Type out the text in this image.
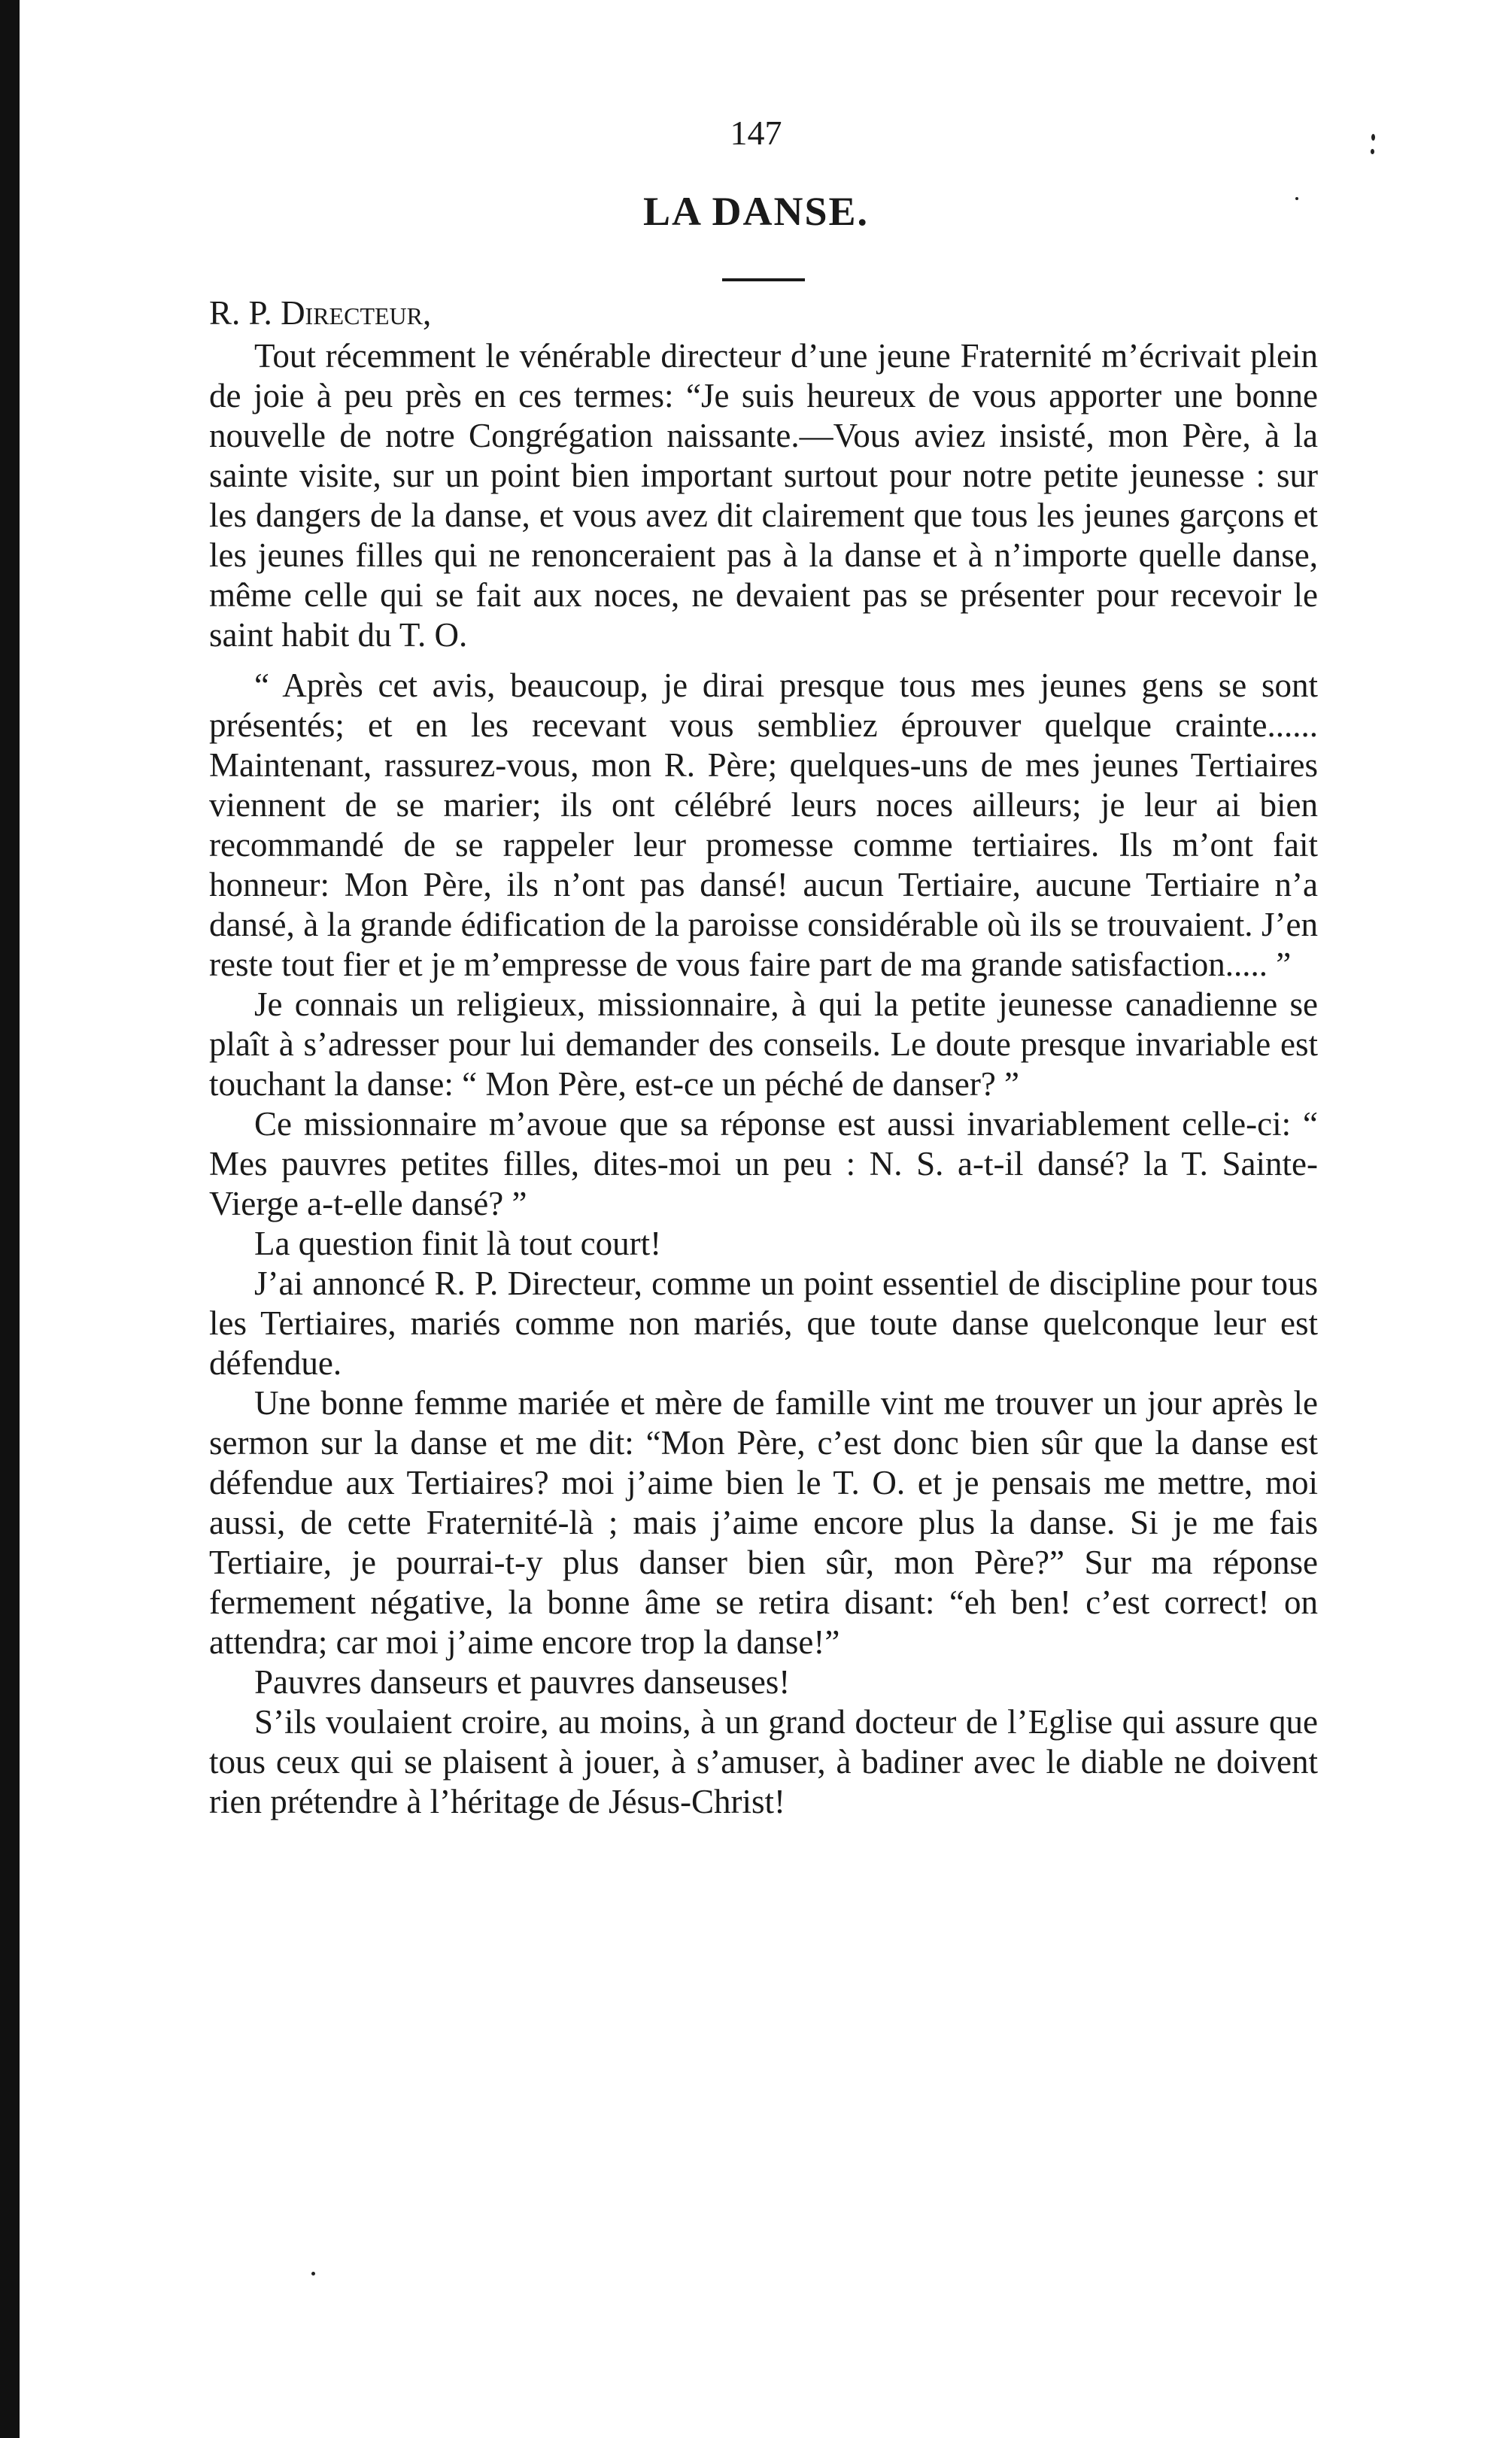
147
LA DANSE.
R. P. Directeur,

Tout récemment le vénérable directeur d’une jeune Fraternité m’écrivait plein de joie à peu près en ces termes: “Je suis heureux de vous apporter une bonne nouvelle de notre Congrégation naissante.—Vous aviez insisté, mon Père, à la sainte visite, sur un point bien important surtout pour notre petite jeunesse : sur les dangers de la danse, et vous avez dit clairement que tous les jeunes garçons et les jeunes filles qui ne renonceraient pas à la danse et à n’importe quelle danse, même celle qui se fait aux noces, ne devaient pas se présenter pour recevoir le saint habit du T. O.

“ Après cet avis, beaucoup, je dirai presque tous mes jeunes gens se sont présentés; et en les recevant vous sembliez éprouver quelque crainte...... Maintenant, rassurez-vous, mon R. Père; quelques-uns de mes jeunes Tertiaires viennent de se marier; ils ont célébré leurs noces ailleurs; je leur ai bien recommandé de se rappeler leur promesse comme tertiaires. Ils m’ont fait honneur: Mon Père, ils n’ont pas dansé! aucun Tertiaire, aucune Tertiaire n’a dansé, à la grande édification de la paroisse considérable où ils se trouvaient. J’en reste tout fier et je m’empresse de vous faire part de ma grande satisfaction..... ”

Je connais un religieux, missionnaire, à qui la petite jeunesse canadienne se plaît à s’adresser pour lui demander des conseils. Le doute presque invariable est touchant la danse: “ Mon Père, est-ce un péché de danser? ”

Ce missionnaire m’avoue que sa réponse est aussi invariablement celle-ci: “ Mes pauvres petites filles, dites-moi un peu : N. S. a-t-il dansé? la T. Sainte-Vierge a-t-elle dansé? ”

La question finit là tout court!

J’ai annoncé R. P. Directeur, comme un point essentiel de discipline pour tous les Tertiaires, mariés comme non mariés, que toute danse quelconque leur est défendue.

Une bonne femme mariée et mère de famille vint me trouver un jour après le sermon sur la danse et me dit: “Mon Père, c’est donc bien sûr que la danse est défendue aux Tertiaires? moi j’aime bien le T. O. et je pensais me mettre, moi aussi, de cette Fraternité-là ; mais j’aime encore plus la danse. Si je me fais Tertiaire, je pourrai-t-y plus danser bien sûr, mon Père?” Sur ma réponse fermement négative, la bonne âme se retira disant: “eh ben! c’est correct! on attendra; car moi j’aime encore trop la danse!”

Pauvres danseurs et pauvres danseuses!

S’ils voulaient croire, au moins, à un grand docteur de l’Eglise qui assure que tous ceux qui se plaisent à jouer, à s’amuser, à badiner avec le diable ne doivent rien prétendre à l’héritage de Jésus-Christ!
